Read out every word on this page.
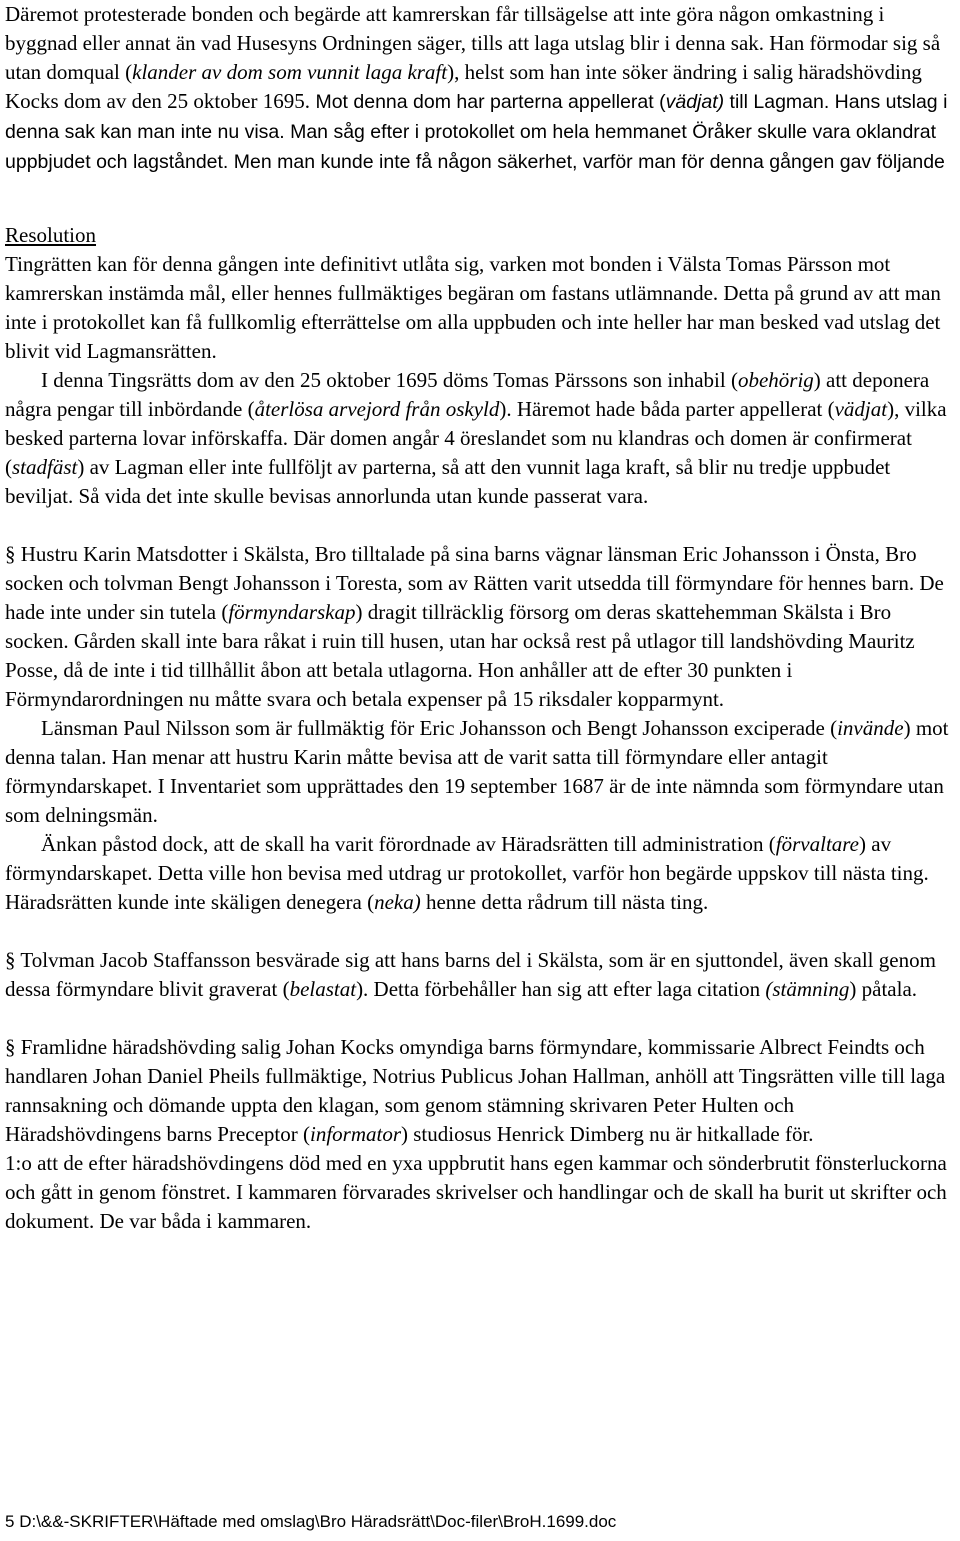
Däremot protesterade bonden och begärde att kamrerskan får tillsägelse att inte göra någon omkastning i byggnad eller annat än vad Husesyns Ordningen säger, tills att laga utslag blir i denna sak. Han förmodar sig så utan domqual (klander av dom som vunnit laga kraft), helst som han inte söker ändring i salig häradshövding Kocks dom av den 25 oktober 1695. Mot denna dom har parterna appellerat (vädjat) till Lagman. Hans utslag i denna sak kan man inte nu visa. Man såg efter i protokollet om hela hemmanet Öråker skulle vara oklandrat uppbjudet och lagståndet. Men man kunde inte få någon säkerhet, varför man för denna gången gav följande

Resolution

Tingrätten kan för denna gången inte definitivt utlåta sig, varken mot bonden i Välsta Tomas Pärsson mot kamrerskan instämda mål, eller hennes fullmäktiges begäran om fastans utlämnande. Detta på grund av att man inte i protokollet kan få fullkomlig efterrättelse om alla uppbuden och inte heller har man besked vad utslag det blivit vid Lagmansrätten.

I denna Tingsrätts dom av den 25 oktober 1695 döms Tomas Pärssons son inhabil (obehörig) att deponera några pengar till inbördande (återlösa arvejord från oskyld). Häremot hade båda parter appellerat (vädjat), vilka besked parterna lovar införskaffa. Där domen angår 4 öreslandet som nu klandras och domen är confirmerat (stadfäst) av Lagman eller inte fullföljt av parterna, så att den vunnit laga kraft, så blir nu tredje uppbudet beviljat. Så vida det inte skulle bevisas annorlunda utan kunde passerat vara.

§ Hustru Karin Matsdotter i Skälsta, Bro tilltalade på sina barns vägnar länsman Eric Johansson i Önsta, Bro socken och tolvman Bengt Johansson i Toresta, som av Rätten varit utsedda till förmyndare för hennes barn. De hade inte under sin tutela (förmyndarskap) dragit tillräcklig försorg om deras skattehemman Skälsta i Bro socken. Gården skall inte bara råkat i ruin till husen, utan har också rest på utlagor till landshövding Mauritz Posse, då de inte i tid tillhållit åbon att betala utlagorna. Hon anhåller att de efter 30 punkten i Förmyndarordningen nu måtte svara och betala expenser på 15 riksdaler kopparmynt.

Länsman Paul Nilsson som är fullmäktig för Eric Johansson och Bengt Johansson exciperade (invände) mot denna talan. Han menar att hustru Karin måtte bevisa att de varit satta till förmyndare eller antagit förmyndarskapet. I Inventariet som upprättades den 19 september 1687 är de inte nämnda som förmyndare utan som delningsmän.

Änkan påstod dock, att de skall ha varit förordnade av Häradsrätten till administration (förvaltare) av förmyndarskapet. Detta ville hon bevisa med utdrag ur protokollet, varför hon begärde uppskov till nästa ting. Häradsrätten kunde inte skäligen denegera (neka) henne detta rådrum till nästa ting.

§ Tolvman Jacob Staffansson besvärade sig att hans barns del i Skälsta, som är en sjuttondel, även skall genom dessa förmyndare blivit graverat (belastat). Detta förbehåller han sig att efter laga citation (stämning) påtala.

§ Framlidne häradshövding salig Johan Kocks omyndiga barns förmyndare, kommissarie Albrect Feindts och handlaren Johan Daniel Pheils fullmäktige, Notrius Publicus Johan Hallman, anhöll att Tingsrätten ville till laga rannsakning och dömande uppta den klagan, som genom stämning skrivaren Peter Hulten och Häradshövdingens barns Preceptor (informator) studiosus Henrick Dimberg nu är hitkallade för.

1:o att de efter häradshövdingens död med en yxa uppbrutit hans egen kammar och sönderbrutit fönsterluckorna och gått in genom fönstret. I kammaren förvarades skrivelser och handlingar och de skall ha burit ut skrifter och dokument. De var båda i kammaren.

5 D:\&&-SKRIFTER\Häftade med omslag\Bro Häradsrätt\Doc-filer\BroH.1699.doc
